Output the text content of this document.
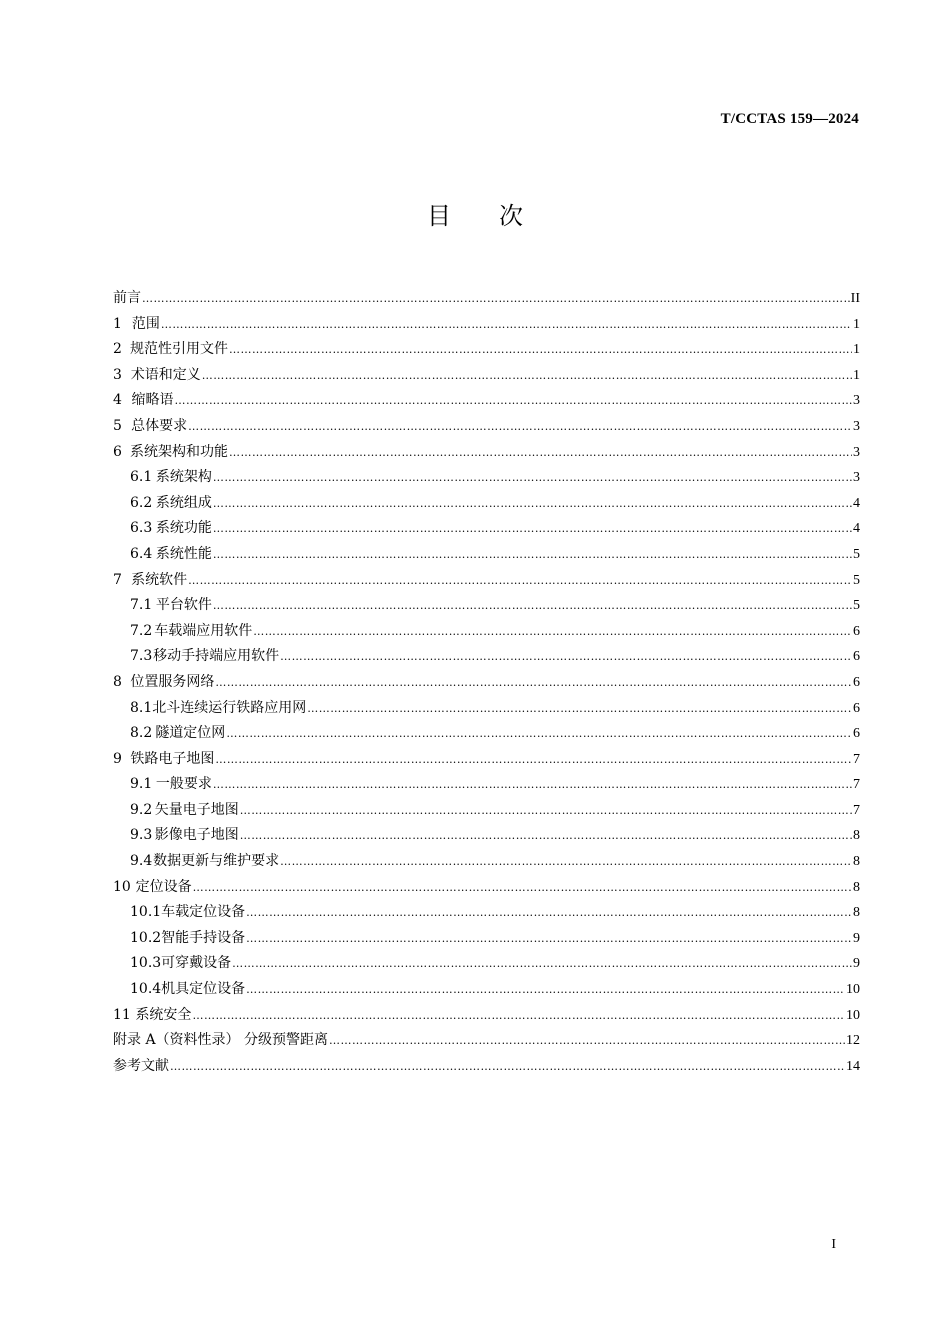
T/CCTAS 159—2024
目 次
前言 ……………………………………………………………………………………………………………………………………………………………………………………………………………………………………	II
1 范围 ……………………………………………………………………………………………………………………………………………………………………………………………………………………………………	1
2 规范性引用文件 ……………………………………………………………………………………………………………………………………………………………………………………………………………………………………	1
3 术语和定义 ……………………………………………………………………………………………………………………………………………………………………………………………………………………………………	1
4 缩略语 ……………………………………………………………………………………………………………………………………………………………………………………………………………………………………	3
5 总体要求 ……………………………………………………………………………………………………………………………………………………………………………………………………………………………………	3
6 系统架构和功能 ……………………………………………………………………………………………………………………………………………………………………………………………………………………………………	3
6.1 系统架构 ……………………………………………………………………………………………………………………………………………………………………………………………………………………………………	3
6.2 系统组成 ……………………………………………………………………………………………………………………………………………………………………………………………………………………………………	4
6.3 系统功能 ……………………………………………………………………………………………………………………………………………………………………………………………………………………………………	4
6.4 系统性能 ……………………………………………………………………………………………………………………………………………………………………………………………………………………………………	5
7 系统软件 ……………………………………………………………………………………………………………………………………………………………………………………………………………………………………	5
7.1 平台软件 ……………………………………………………………………………………………………………………………………………………………………………………………………………………………………	5
7.2 车载端应用软件 ……………………………………………………………………………………………………………………………………………………………………………………………………………………………………	6
7.3 移动手持端应用软件 ……………………………………………………………………………………………………………………………………………………………………………………………………………………………………	6
8 位置服务网络 ……………………………………………………………………………………………………………………………………………………………………………………………………………………………………	6
8.1 北斗连续运行铁路应用网 ……………………………………………………………………………………………………………………………………………………………………………………………………………………………………	6
8.2 隧道定位网 ……………………………………………………………………………………………………………………………………………………………………………………………………………………………………	6
9 铁路电子地图 ……………………………………………………………………………………………………………………………………………………………………………………………………………………………………	7
9.1 一般要求 ……………………………………………………………………………………………………………………………………………………………………………………………………………………………………	7
9.2 矢量电子地图 ……………………………………………………………………………………………………………………………………………………………………………………………………………………………………	7
9.3 影像电子地图 ……………………………………………………………………………………………………………………………………………………………………………………………………………………………………	8
9.4 数据更新与维护要求 ……………………………………………………………………………………………………………………………………………………………………………………………………………………………………	8
10 定位设备 ……………………………………………………………………………………………………………………………………………………………………………………………………………………………………	8
10.1 车载定位设备 ……………………………………………………………………………………………………………………………………………………………………………………………………………………………………	8
10.2 智能手持设备 ……………………………………………………………………………………………………………………………………………………………………………………………………………………………………	9
10.3 可穿戴设备 ……………………………………………………………………………………………………………………………………………………………………………………………………………………………………	9
10.4 机具定位设备 ……………………………………………………………………………………………………………………………………………………………………………………………………………………………………	10
11 系统安全 ……………………………………………………………………………………………………………………………………………………………………………………………………………………………………	10
附录 A（资料性录） 分级预警距离 ……………………………………………………………………………………………………………………………………………………………………………………………………………………………………	12
参考文献 ……………………………………………………………………………………………………………………………………………………………………………………………………………………………………	14
I
